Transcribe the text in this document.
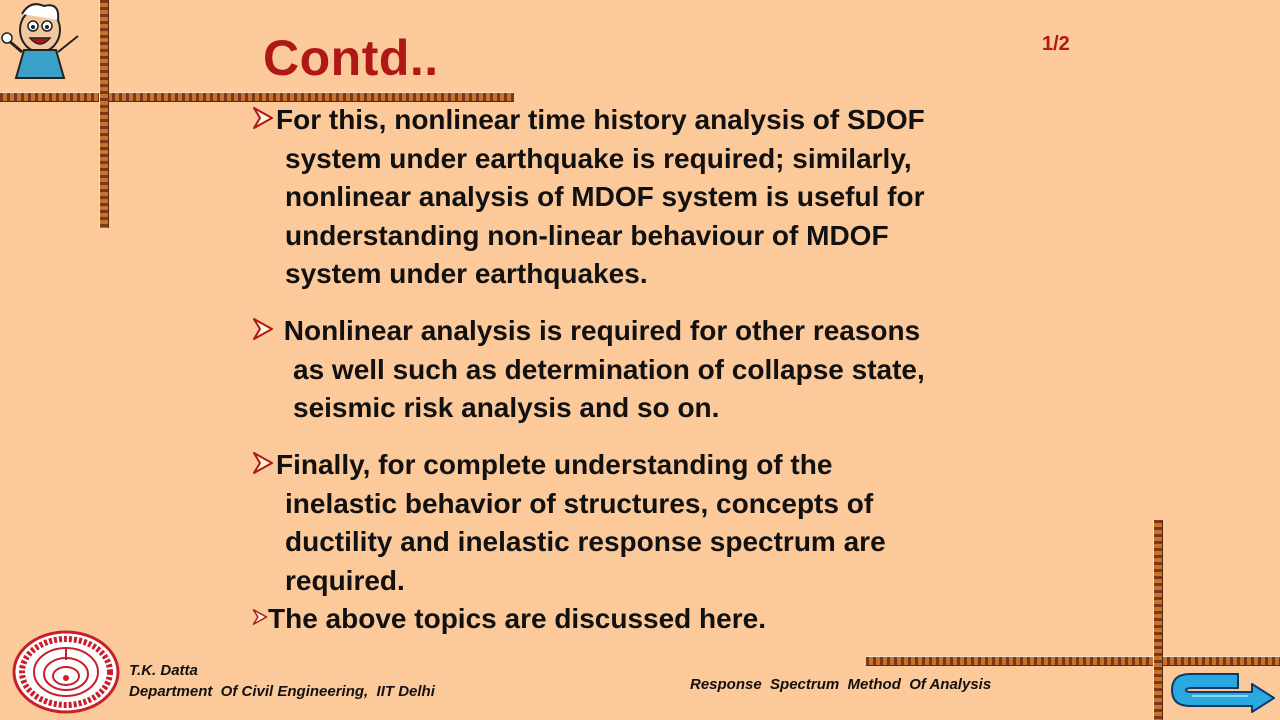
Contd..	1/2
For this, nonlinear time history analysis of SDOF
system under earthquake is required; similarly,
nonlinear analysis of MDOF system is useful for
understanding non-linear behaviour of MDOF
system under earthquakes.
Nonlinear analysis is required for other reasons
as well such as determination of collapse state,
seismic risk analysis and so on.
Finally, for complete understanding of the
inelastic behavior of structures, concepts of
ductility and inelastic response spectrum are
required.
The above topics are discussed here.
T.K. Datta
Department  Of Civil Engineering,  IIT Delhi	Response  Spectrum  Method  Of Analysis
